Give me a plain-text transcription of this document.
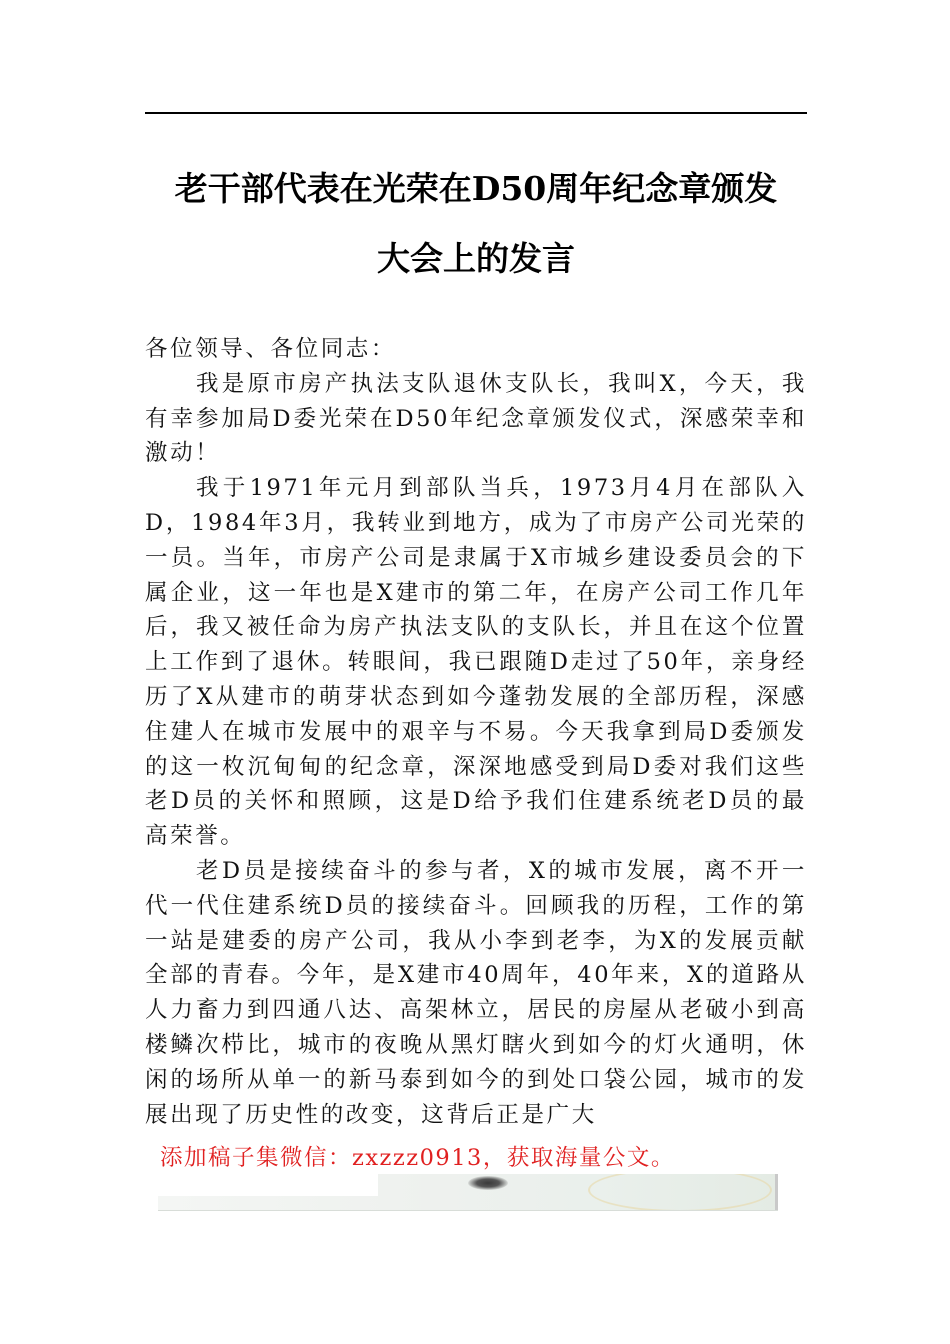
老干部代表在光荣在D50周年纪念章颁发
大会上的发言

各位领导、各位同志：

我是原市房产执法支队退休支队长，我叫X，今天，我有幸参加局D委光荣在D50年纪念章颁发仪式，深感荣幸和激动！

我于1971年元月到部队当兵，1973月4月在部队入D，1984年3月，我转业到地方，成为了市房产公司光荣的一员。当年，市房产公司是隶属于X市城乡建设委员会的下属企业，这一年也是X建市的第二年，在房产公司工作几年后，我又被任命为房产执法支队的支队长，并且在这个位置上工作到了退休。转眼间，我已跟随D走过了50年，亲身经历了X从建市的萌芽状态到如今蓬勃发展的全部历程，深感住建人在城市发展中的艰辛与不易。今天我拿到局D委颁发的这一枚沉甸甸的纪念章，深深地感受到局D委对我们这些老D员的关怀和照顾，这是D给予我们住建系统老D员的最高荣誉。

老D员是接续奋斗的参与者，X的城市发展，离不开一代一代住建系统D员的接续奋斗。回顾我的历程，工作的第一站是建委的房产公司，我从小李到老李，为X的发展贡献全部的青春。今年，是X建市40周年，40年来，X的道路从人力畜力到四通八达、高架林立，居民的房屋从老破小到高楼鳞次栉比，城市的夜晚从黑灯瞎火到如今的灯火通明，休闲的场所从单一的新马泰到如今的到处口袋公园，城市的发展出现了历史性的改变，这背后正是广大

添加稿子集微信：zxzzz0913，获取海量公文。
